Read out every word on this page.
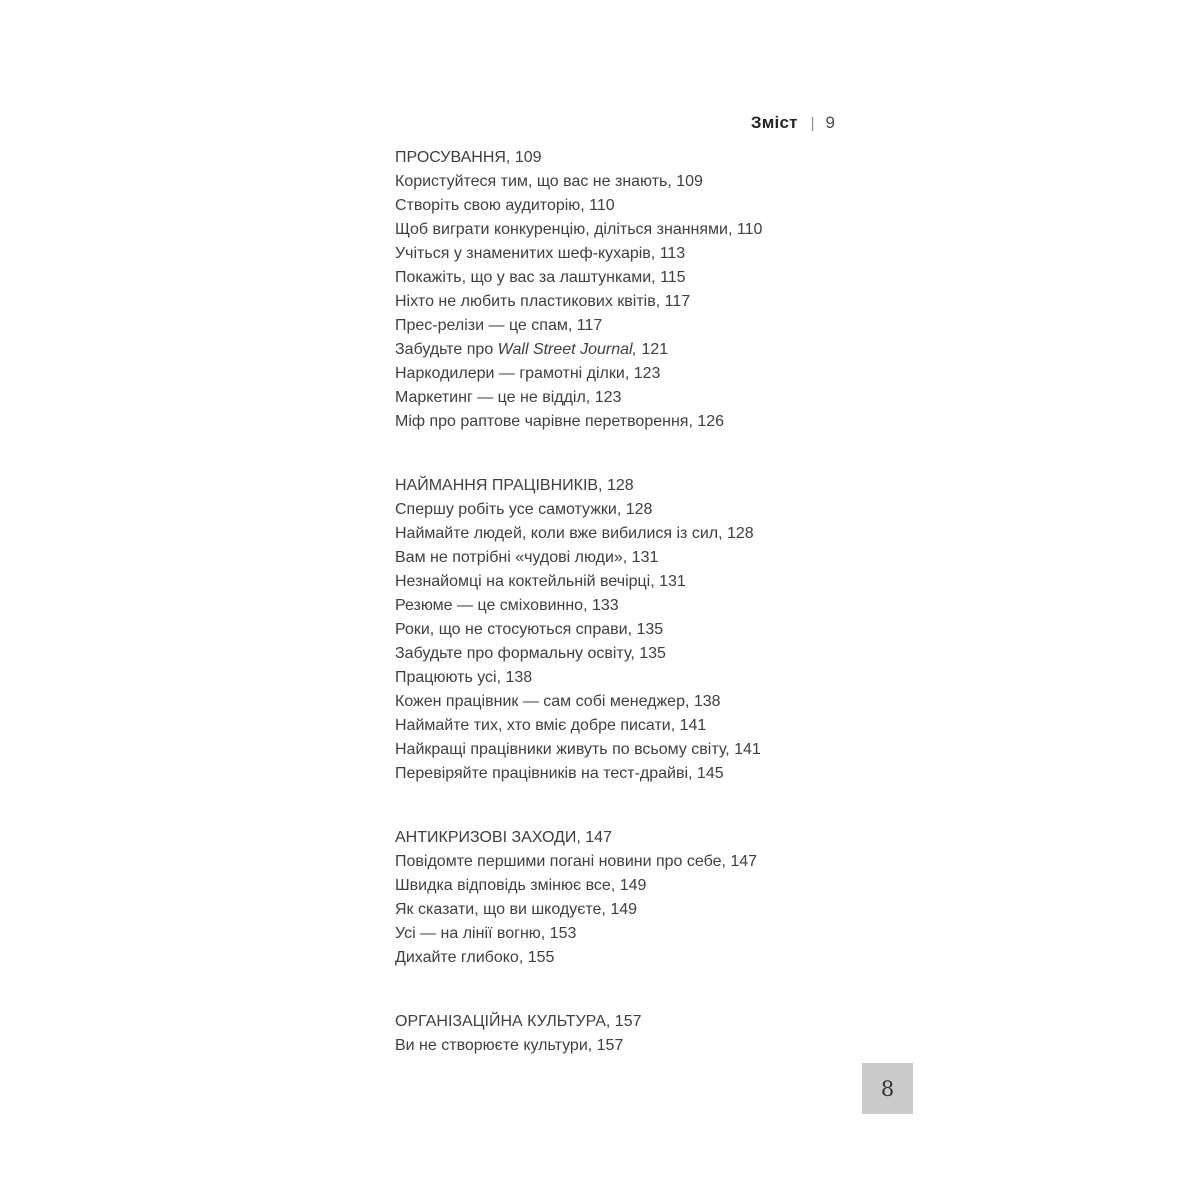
Зміст | 9
ПРОСУВАННЯ, 109
Користуйтеся тим, що вас не знають, 109
Створіть свою аудиторію, 110
Щоб виграти конкуренцію, діліться знаннями, 110
Учіться у знаменитих шеф-кухарів, 113
Покажіть, що у вас за лаштунками, 115
Ніхто не любить пластикових квітів, 117
Прес-релізи — це спам, 117
Забудьте про Wall Street Journal, 121
Наркодилери — грамотні ділки, 123
Маркетинг — це не відділ, 123
Міф про раптове чарівне перетворення, 126
НАЙМАННЯ ПРАЦІВНИКІВ, 128
Спершу робіть усе самотужки, 128
Наймайте людей, коли вже вибилися із сил, 128
Вам не потрібні «чудові люди», 131
Незнайомці на коктейльній вечірці, 131
Резюме — це сміховинно, 133
Роки, що не стосуються справи, 135
Забудьте про формальну освіту, 135
Працюють усі, 138
Кожен працівник — сам собі менеджер, 138
Наймайте тих, хто вміє добре писати, 141
Найкращі працівники живуть по всьому світу, 141
Перевіряйте працівників на тест-драйві, 145
АНТИКРИЗОВІ ЗАХОДИ, 147
Повідомте першими погані новини про себе, 147
Швидка відповідь змінює все, 149
Як сказати, що ви шкодуєте, 149
Усі — на лінії вогню, 153
Дихайте глибоко, 155
ОРГАНІЗАЦІЙНА КУЛЬТУРА, 157
Ви не створюєте культури, 157
8
